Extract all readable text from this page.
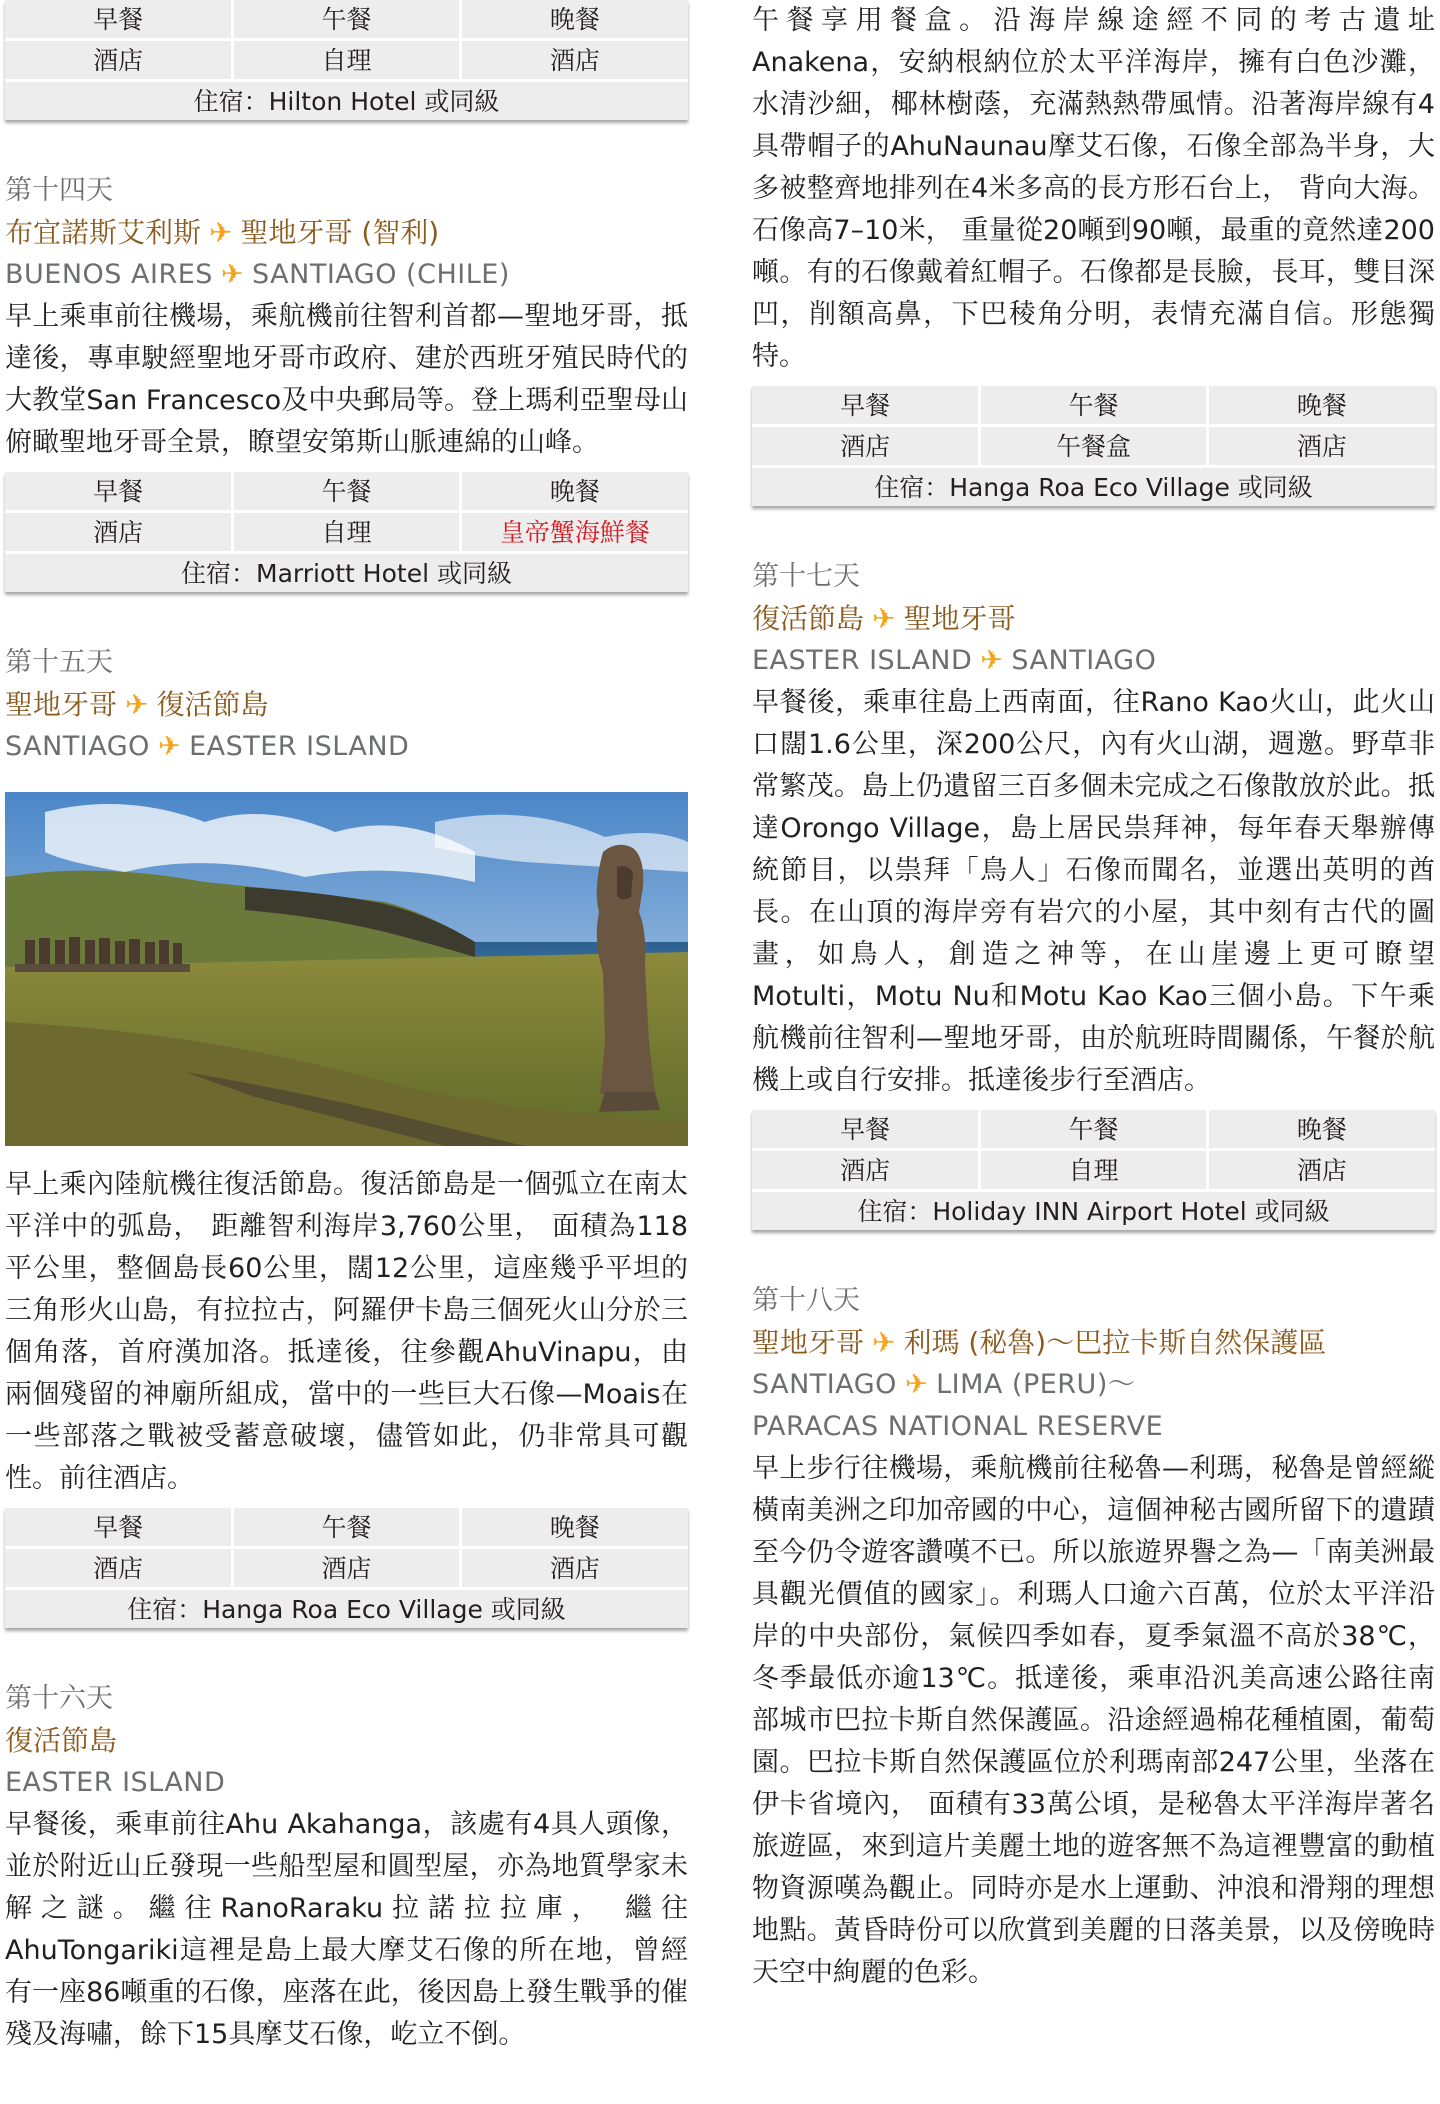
早餐	午餐	晚餐
酒店	自理	酒店
住宿：Hilton Hotel 或同級		
第十四天
布宜諾斯艾利斯 ✈ 聖地牙哥 (智利)
BUENOS AIRES ✈ SANTIAGO (CHILE)

早上乘車前往機場，乘航機前往智利首都—聖地牙哥，抵達後，專車駛經聖地牙哥市政府、建於西班牙殖民時代的大教堂San Francesco及中央郵局等。登上瑪利亞聖母山俯瞰聖地牙哥全景，瞭望安第斯山脈連綿的山峰。

早餐	午餐	晚餐
酒店	自理	皇帝蟹海鮮餐
住宿：Marriott Hotel 或同級		
第十五天
聖地牙哥 ✈ 復活節島
SANTIAGO ✈ EASTER ISLAND

早上乘內陸航機往復活節島。復活節島是一個弧立在南太平洋中的弧島， 距離智利海岸3,760公里， 面積為118平公里，整個島長60公里，闊12公里，這座幾乎平坦的三角形火山島，有拉拉古，阿羅伊卡島三個死火山分於三個角落，首府漢加洛。抵達後，往參觀AhuVinapu，由兩個殘留的神廟所組成，當中的一些巨大石像—Moais在一些部落之戰被受蓄意破壞，儘管如此，仍非常具可觀性。前往酒店。

早餐	午餐	晚餐
酒店	酒店	酒店
住宿：Hanga Roa Eco Village 或同級		
第十六天
復活節島
EASTER ISLAND

早餐後，乘車前往Ahu Akahanga，該處有4具人頭像，並於附近山丘發現一些船型屋和圓型屋，亦為地質學家未解之謎。繼往RanoRaraku拉諾拉拉庫， 繼往AhuTongariki這裡是島上最大摩艾石像的所在地，曾經有一座86噸重的石像，座落在此，後因島上發生戰爭的催殘及海嘯，餘下15具摩艾石像，屹立不倒。

午餐享用餐盒。沿海岸線途經不同的考古遺址Anakena，安納根納位於太平洋海岸，擁有白色沙灘，水清沙細，椰林樹蔭，充滿熱熱帶風情。沿著海岸線有4具帶帽子的AhuNaunau摩艾石像，石像全部為半身，大多被整齊地排列在4米多高的長方形石台上， 背向大海。石像高7–10米， 重量從20噸到90噸，最重的竟然達200噸。有的石像戴着紅帽子。石像都是長臉，長耳，雙目深凹，削額高鼻，下巴稜角分明，表情充滿自信。形態獨特。

早餐	午餐	晚餐
酒店	午餐盒	酒店
住宿：Hanga Roa Eco Village 或同級		
第十七天
復活節島 ✈ 聖地牙哥
EASTER ISLAND ✈ SANTIAGO

早餐後，乘車往島上西南面，往Rano Kao火山，此火山口闊1.6公里，深200公尺，內有火山湖，週邀。野草非常繁茂。島上仍遺留三百多個未完成之石像散放於此。抵達Orongo Village，島上居民祟拜神，每年春天舉辦傳統節目，以祟拜「鳥人」石像而聞名，並選出英明的酋長。在山頂的海岸旁有岩穴的小屋，其中刻有古代的圖畫，如鳥人，創造之神等，在山崖邊上更可瞭望Motulti，Motu Nu和Motu Kao Kao三個小島。下午乘航機前往智利—聖地牙哥，由於航班時間關係，午餐於航機上或自行安排。抵達後步行至酒店。

早餐	午餐	晚餐
酒店	自理	酒店
住宿：Holiday INN Airport Hotel 或同級		
第十八天
聖地牙哥 ✈ 利瑪 (秘魯)～巴拉卡斯自然保護區
SANTIAGO ✈ LIMA (PERU)～
PARACAS NATIONAL RESERVE

早上步行往機場，乘航機前往秘魯—利瑪，秘魯是曾經縱橫南美洲之印加帝國的中心，這個神秘古國所留下的遺蹟至今仍令遊客讚嘆不已。所以旅遊界譽之為—「南美洲最具觀光價值的國家」。利瑪人口逾六百萬，位於太平洋沿岸的中央部份，氣候四季如春，夏季氣溫不高於38℃，冬季最低亦逾13℃。抵達後，乘車沿汎美高速公路往南部城市巴拉卡斯自然保護區。沿途經過棉花種植園，葡萄園。巴拉卡斯自然保護區位於利瑪南部247公里，坐落在伊卡省境內， 面積有33萬公頃，是秘魯太平洋海岸著名旅遊區，來到這片美麗土地的遊客無不為這裡豐富的動植物資源嘆為觀止。同時亦是水上運動、沖浪和滑翔的理想地點。黃昏時份可以欣賞到美麗的日落美景，以及傍晚時天空中絢麗的色彩。
